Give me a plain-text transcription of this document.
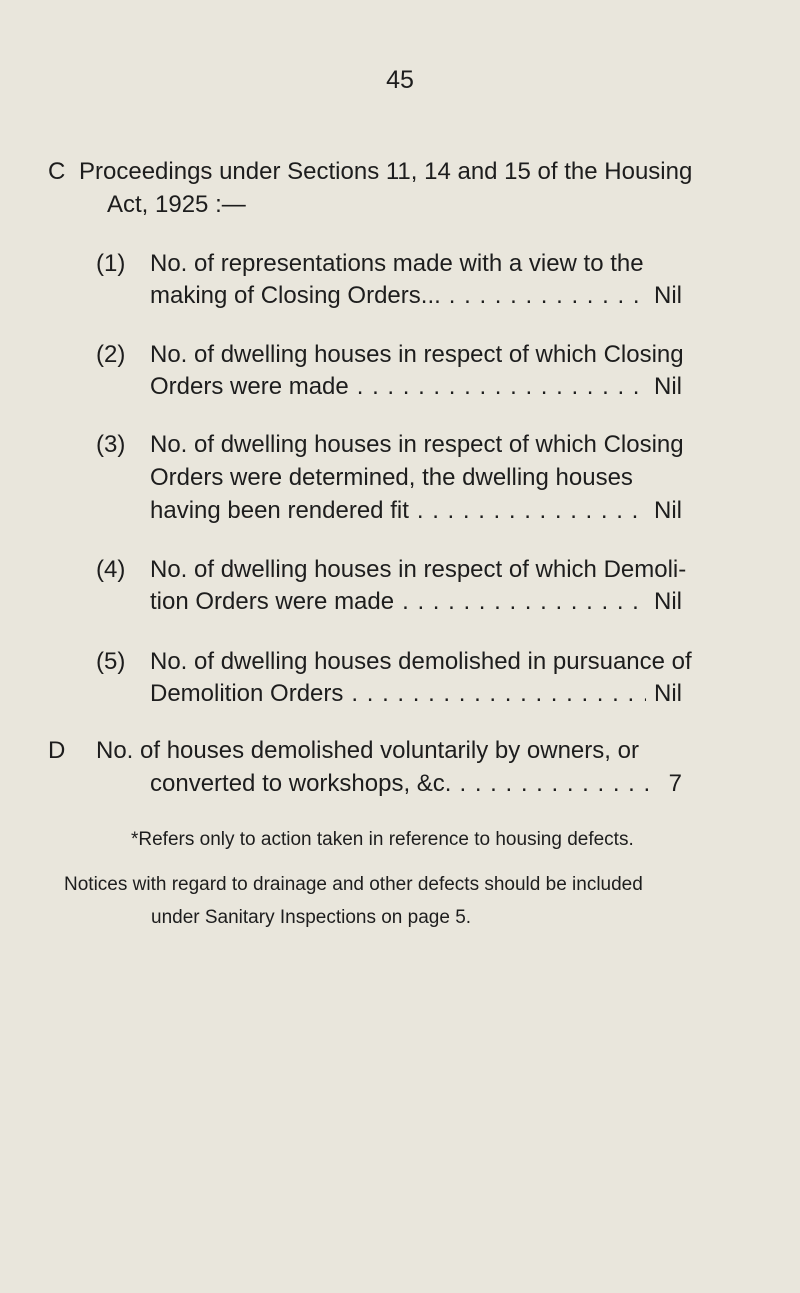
45
C Proceedings under Sections 11, 14 and 15 of the Housing
Act, 1925 :—
(1) No. of representations made with a view to the
making of Closing Orders... . . .	Nil
(2) No. of dwelling houses in respect of which Closing
Orders were made . . .	Nil
(3) No. of dwelling houses in respect of which Closing
Orders were determined, the dwelling houses
having been rendered fit . . .	Nil
(4) No. of dwelling houses in respect of which Demoli-
tion Orders were made . . .	Nil
(5) No. of dwelling houses demolished in pursuance of
Demolition Orders . . .	Nil
D No. of houses demolished voluntarily by owners, or
converted to workshops, &c. . . .	7
*Refers only to action taken in reference to housing defects.
Notices with regard to drainage and other defects should be included
under Sanitary Inspections on page 5.
